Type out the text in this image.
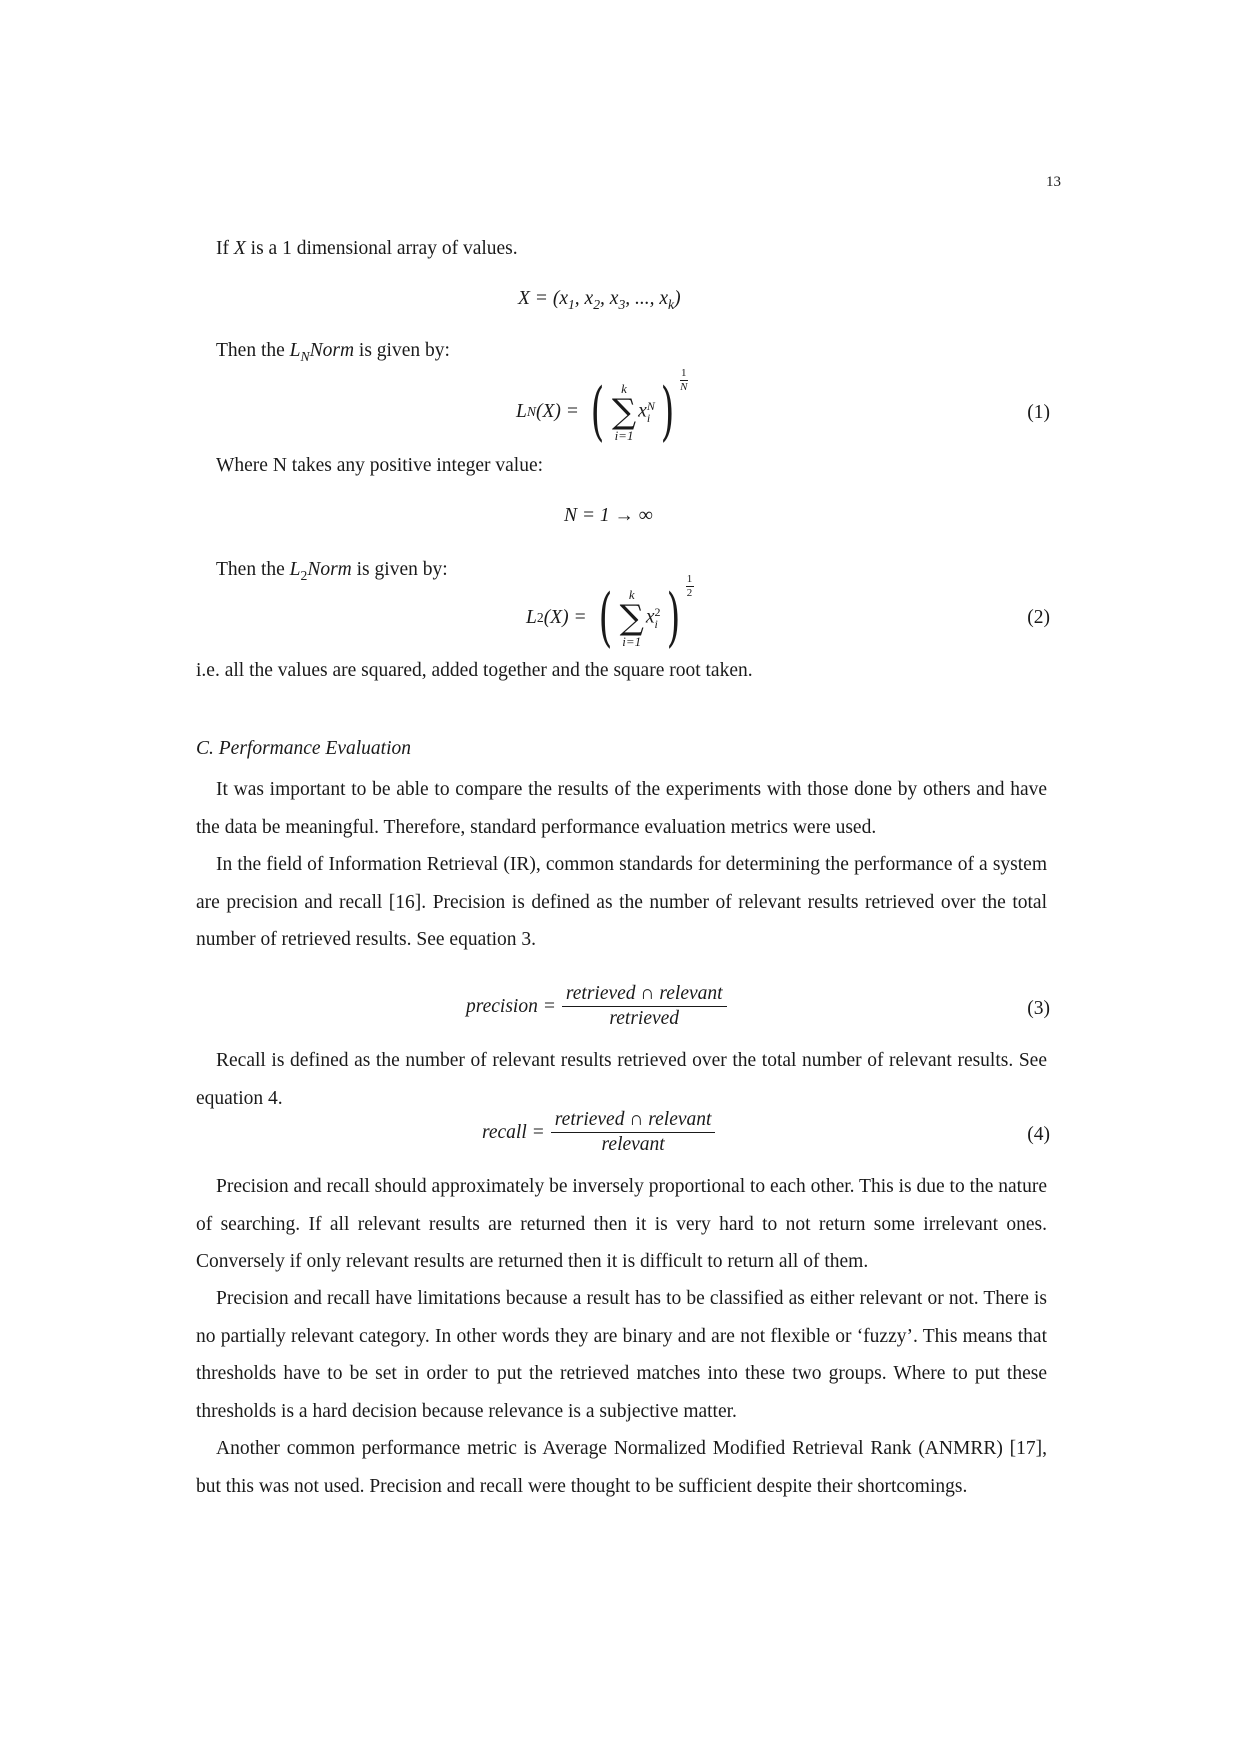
13
If X is a 1 dimensional array of values.
$X = (x_1$, $x_2$, $x_3$, ..., $x_k$)
Then the $L_NNorm$ is given by:
L N (X) = ( k
∑
i=1
x N
i )
1
N
(1)
Where N takes any positive integer value:
N = 1 → ∞
Then the $L_2Norm$ is given by:
L 2 (X) = ( k
∑
i=1
x 2
i )
1
2
(2)
i.e. all the values are squared, added together and the square root taken.
C. Performance Evaluation
It was important to be able to compare the results of the experiments with those done by others and have the data be meaningful. Therefore, standard performance evaluation metrics were used.
In the field of Information Retrieval (IR), common standards for determining the performance of a system are precision and recall [16]. Precision is defined as the number of relevant results retrieved over the total number of retrieved results. See equation 3.
precision = $\frac{\text{retrieved ∩ relevant}}{\text{retrieved}}$	(3)
Recall is defined as the number of relevant results retrieved over the total number of relevant results. See equation 4.
recall = $\frac{\text{retrieved ∩ relevant}}{\text{relevant}}$	(4)
Precision and recall should approximately be inversely proportional to each other. This is due to the nature of searching. If all relevant results are returned then it is very hard to not return some irrelevant ones. Conversely if only relevant results are returned then it is difficult to return all of them.
Precision and recall have limitations because a result has to be classified as either relevant or not. There is no partially relevant category. In other words they are binary and are not flexible or ‘fuzzy’. This means that thresholds have to be set in order to put the retrieved matches into these two groups. Where to put these thresholds is a hard decision because relevance is a subjective matter.
Another common performance metric is Average Normalized Modified Retrieval Rank (ANMRR) [17], but this was not used. Precision and recall were thought to be sufficient despite their shortcomings.
